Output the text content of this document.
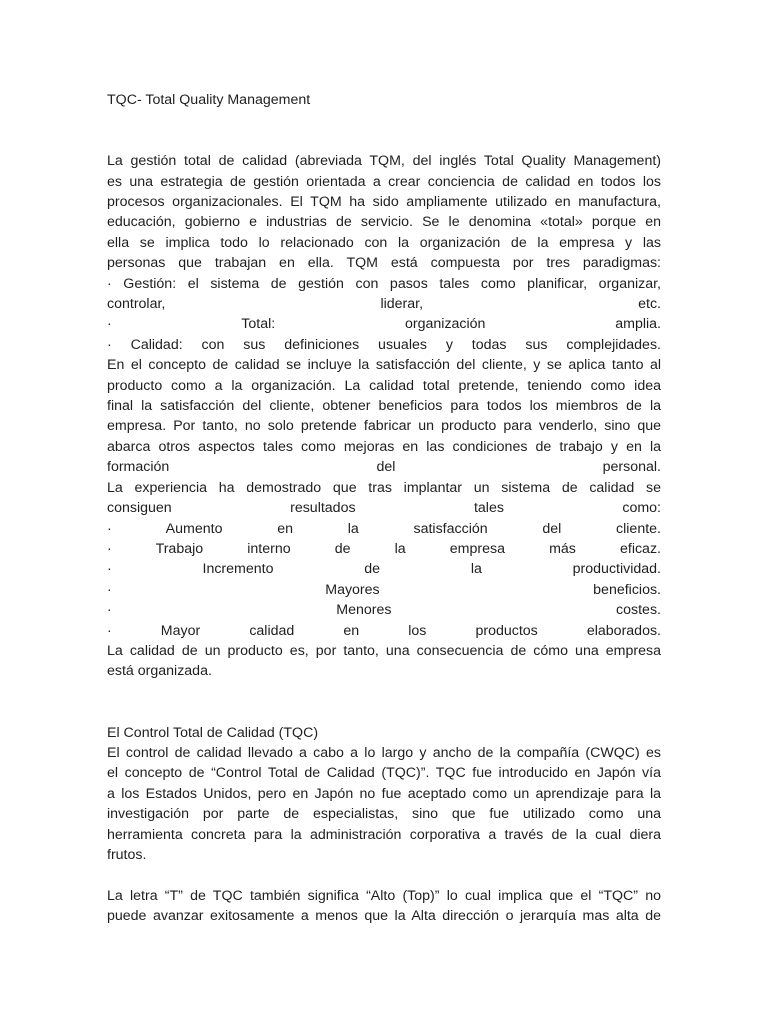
TQC- Total Quality Management
La gestión total de calidad (abreviada TQM, del inglés Total Quality Management)
es una estrategia de gestión orientada a crear conciencia de calidad en todos los
procesos organizacionales. El TQM ha sido ampliamente utilizado en manufactura,
educación, gobierno e industrias de servicio. Se le denomina «total» porque en
ella se implica todo lo relacionado con la organización de la empresa y las
personas que trabajan en ella. TQM está compuesta por tres paradigmas:
· Gestión: el sistema de gestión con pasos tales como planificar, organizar,
controlar, liderar, etc.
· Total: organización amplia.
· Calidad: con sus definiciones usuales y todas sus complejidades.
En el concepto de calidad se incluye la satisfacción del cliente, y se aplica tanto al
producto como a la organización. La calidad total pretende, teniendo como idea
final la satisfacción del cliente, obtener beneficios para todos los miembros de la
empresa. Por tanto, no solo pretende fabricar un producto para venderlo, sino que
abarca otros aspectos tales como mejoras en las condiciones de trabajo y en la
formación del personal.
La experiencia ha demostrado que tras implantar un sistema de calidad se
consiguen resultados tales como:
· Aumento en la satisfacción del cliente.
· Trabajo interno de la empresa más eficaz.
· Incremento de la productividad.
· Mayores beneficios.
· Menores costes.
· Mayor calidad en los productos elaborados.
La calidad de un producto es, por tanto, una consecuencia de cómo una empresa
está organizada.
El Control Total de Calidad (TQC)
El control de calidad llevado a cabo a lo largo y ancho de la compañía (CWQC) es
el concepto de “Control Total de Calidad (TQC)”. TQC fue introducido en Japón vía
a los Estados Unidos, pero en Japón no fue aceptado como un aprendizaje para la
investigación por parte de especialistas, sino que fue utilizado como una
herramienta concreta para la administración corporativa a través de la cual diera
frutos.
La letra “T” de TQC también significa “Alto (Top)” lo cual implica que el “TQC” no
puede avanzar exitosamente a menos que la Alta dirección o jerarquía mas alta de
